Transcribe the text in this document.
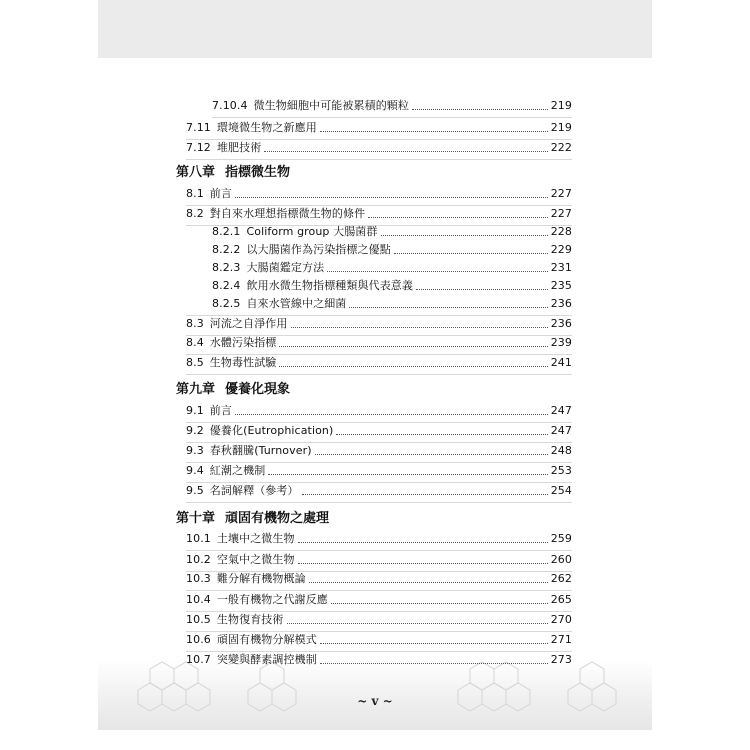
7.10.4 微生物細胞中可能被累積的顆粒	219
7.11 環境微生物之新應用	219
7.12 堆肥技術	222
第八章 指標微生物
8.1 前言	227
8.2 對自來水理想指標微生物的條件	227
8.2.1 Coliform group 大腸菌群	228
8.2.2 以大腸菌作為污染指標之優點	229
8.2.3 大腸菌鑑定方法	231
8.2.4 飲用水微生物指標種類與代表意義	235
8.2.5 自來水管線中之細菌	236
8.3 河流之自淨作用	236
8.4 水體污染指標	239
8.5 生物毒性試驗	241
第九章 優養化現象
9.1 前言	247
9.2 優養化(Eutrophication)	247
9.3 春秋翻騰(Turnover)	248
9.4 紅潮之機制	253
9.5 名詞解釋（參考）	254
第十章 頑固有機物之處理
10.1 土壤中之微生物	259
10.2 空氣中之微生物	260
10.3 難分解有機物概論	262
10.4 一般有機物之代謝反應	265
10.5 生物復育技術	270
10.6 頑固有機物分解模式	271
10.7 突變與酵素調控機制	273
~ v ~
